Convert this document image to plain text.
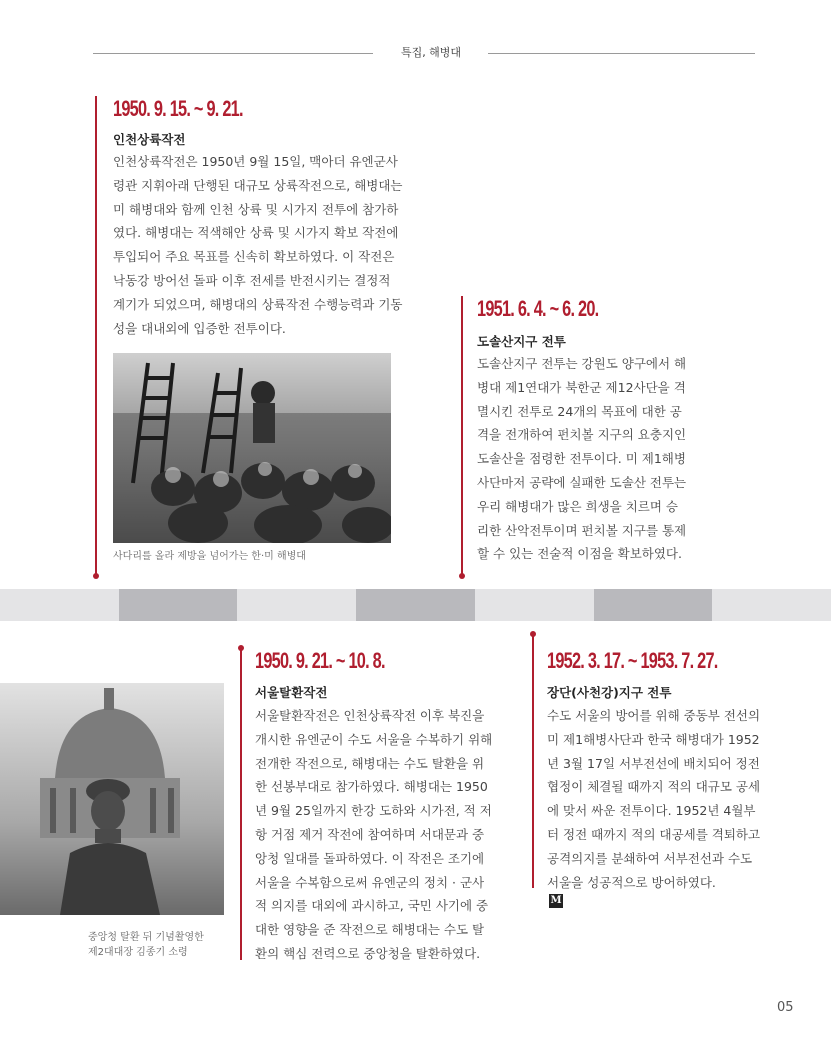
특집, 해병대
1950. 9. 15. ~ 9. 21.
인천상륙작전
인천상륙작전은 1950년 9월 15일, 맥아더 유엔군사
령관 지휘아래 단행된 대규모 상륙작전으로, 해병대는
미 해병대와 함께 인천 상륙 및 시가지 전투에 참가하
였다. 해병대는 적색해안 상륙 및 시가지 확보 작전에
투입되어 주요 목표를 신속히 확보하였다. 이 작전은
낙동강 방어선 돌파 이후 전세를 반전시키는 결정적
계기가 되었으며, 해병대의 상륙작전 수행능력과 기동
성을 대내외에 입증한 전투이다.
사다리를 올라 제방을 넘어가는 한·미 해병대
1951. 6. 4. ~ 6. 20.
도솔산지구 전투
도솔산지구 전투는 강원도 양구에서 해
병대 제1연대가 북한군 제12사단을 격
멸시킨 전투로 24개의 목표에 대한 공
격을 전개하여 펀치볼 지구의 요충지인
도솔산을 점령한 전투이다. 미 제1해병
사단마저 공략에 실패한 도솔산 전투는
우리 해병대가 많은 희생을 치르며 승
리한 산악전투이며 펀치볼 지구를 통제
할 수 있는 전술적 이점을 확보하였다.
중앙청 탈환 뒤 기념촬영한
제2대대장 김종기 소령
1950. 9. 21. ~ 10. 8.
서울탈환작전
서울탈환작전은 인천상륙작전 이후 북진을
개시한 유엔군이 수도 서울을 수복하기 위해
전개한 작전으로, 해병대는 수도 탈환을 위
한 선봉부대로 참가하였다. 해병대는 1950
년 9월 25일까지 한강 도하와 시가전, 적 저
항 거점 제거 작전에 참여하며 서대문과 중
앙청 일대를 돌파하였다. 이 작전은 조기에
서울을 수복함으로써 유엔군의 정치 · 군사
적 의지를 대외에 과시하고, 국민 사기에 중
대한 영향을 준 작전으로 해병대는 수도 탈
환의 핵심 전력으로 중앙청을 탈환하였다.
1952. 3. 17. ~ 1953. 7. 27.
장단(사천강)지구 전투
수도 서울의 방어를 위해 중동부 전선의
미 제1해병사단과 한국 해병대가 1952
년 3월 17일 서부전선에 배치되어 정전
협정이 체결될 때까지 적의 대규모 공세
에 맞서 싸운 전투이다. 1952년 4월부
터 정전 때까지 적의 대공세를 격퇴하고
공격의지를 분쇄하여 서부전선과 수도
서울을 성공적으로 방어하였다.
M
05
